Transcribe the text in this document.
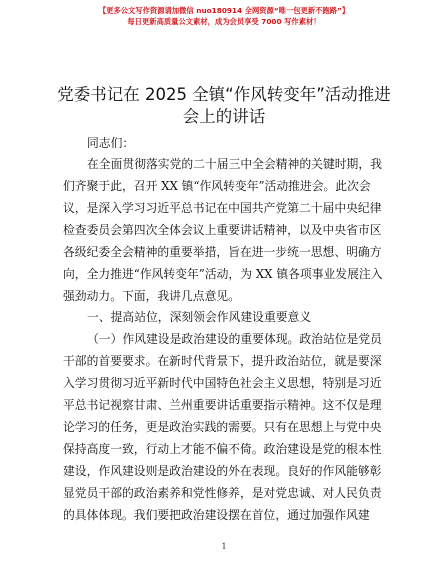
【更多公文写作资源请加微信 nuo180914 全网资源“唯一包更新不跑路”】
每日更新高质量公文素材，成为会员享受 7000 写作素材！
党委书记在 2025 全镇“作风转变年”活动推进
会上的讲话
同志们：
在全面贯彻落实党的二十届三中全会精神的关键时期，我
们齐聚于此，召开 XX 镇“作风转变年”活动推进会。此次会
议，是深入学习习近平总书记在中国共产党第二十届中央纪律
检查委员会第四次全体会议上重要讲话精神，以及中央省市区
各级纪委全会精神的重要举措，旨在进一步统一思想、明确方
向，全力推进“作风转变年”活动，为 XX 镇各项事业发展注入
强劲动力。下面，我讲几点意见。
一、提高站位，深刻领会作风建设重要意义
（一）作风建设是政治建设的重要体现。政治站位是党员
干部的首要要求。在新时代背景下，提升政治站位，就是要深
入学习贯彻习近平新时代中国特色社会主义思想，特别是习近
平总书记视察甘肃、兰州重要讲话重要指示精神。这不仅是理
论学习的任务，更是政治实践的需要。只有在思想上与党中央
保持高度一致，行动上才能不偏不倚。政治建设是党的根本性
建设，作风建设则是政治建设的外在表现。良好的作风能够彰
显党员干部的政治素养和党性修养，是对党忠诚、对人民负责
的具体体现。我们要把政治建设摆在首位，通过加强作风建
1
